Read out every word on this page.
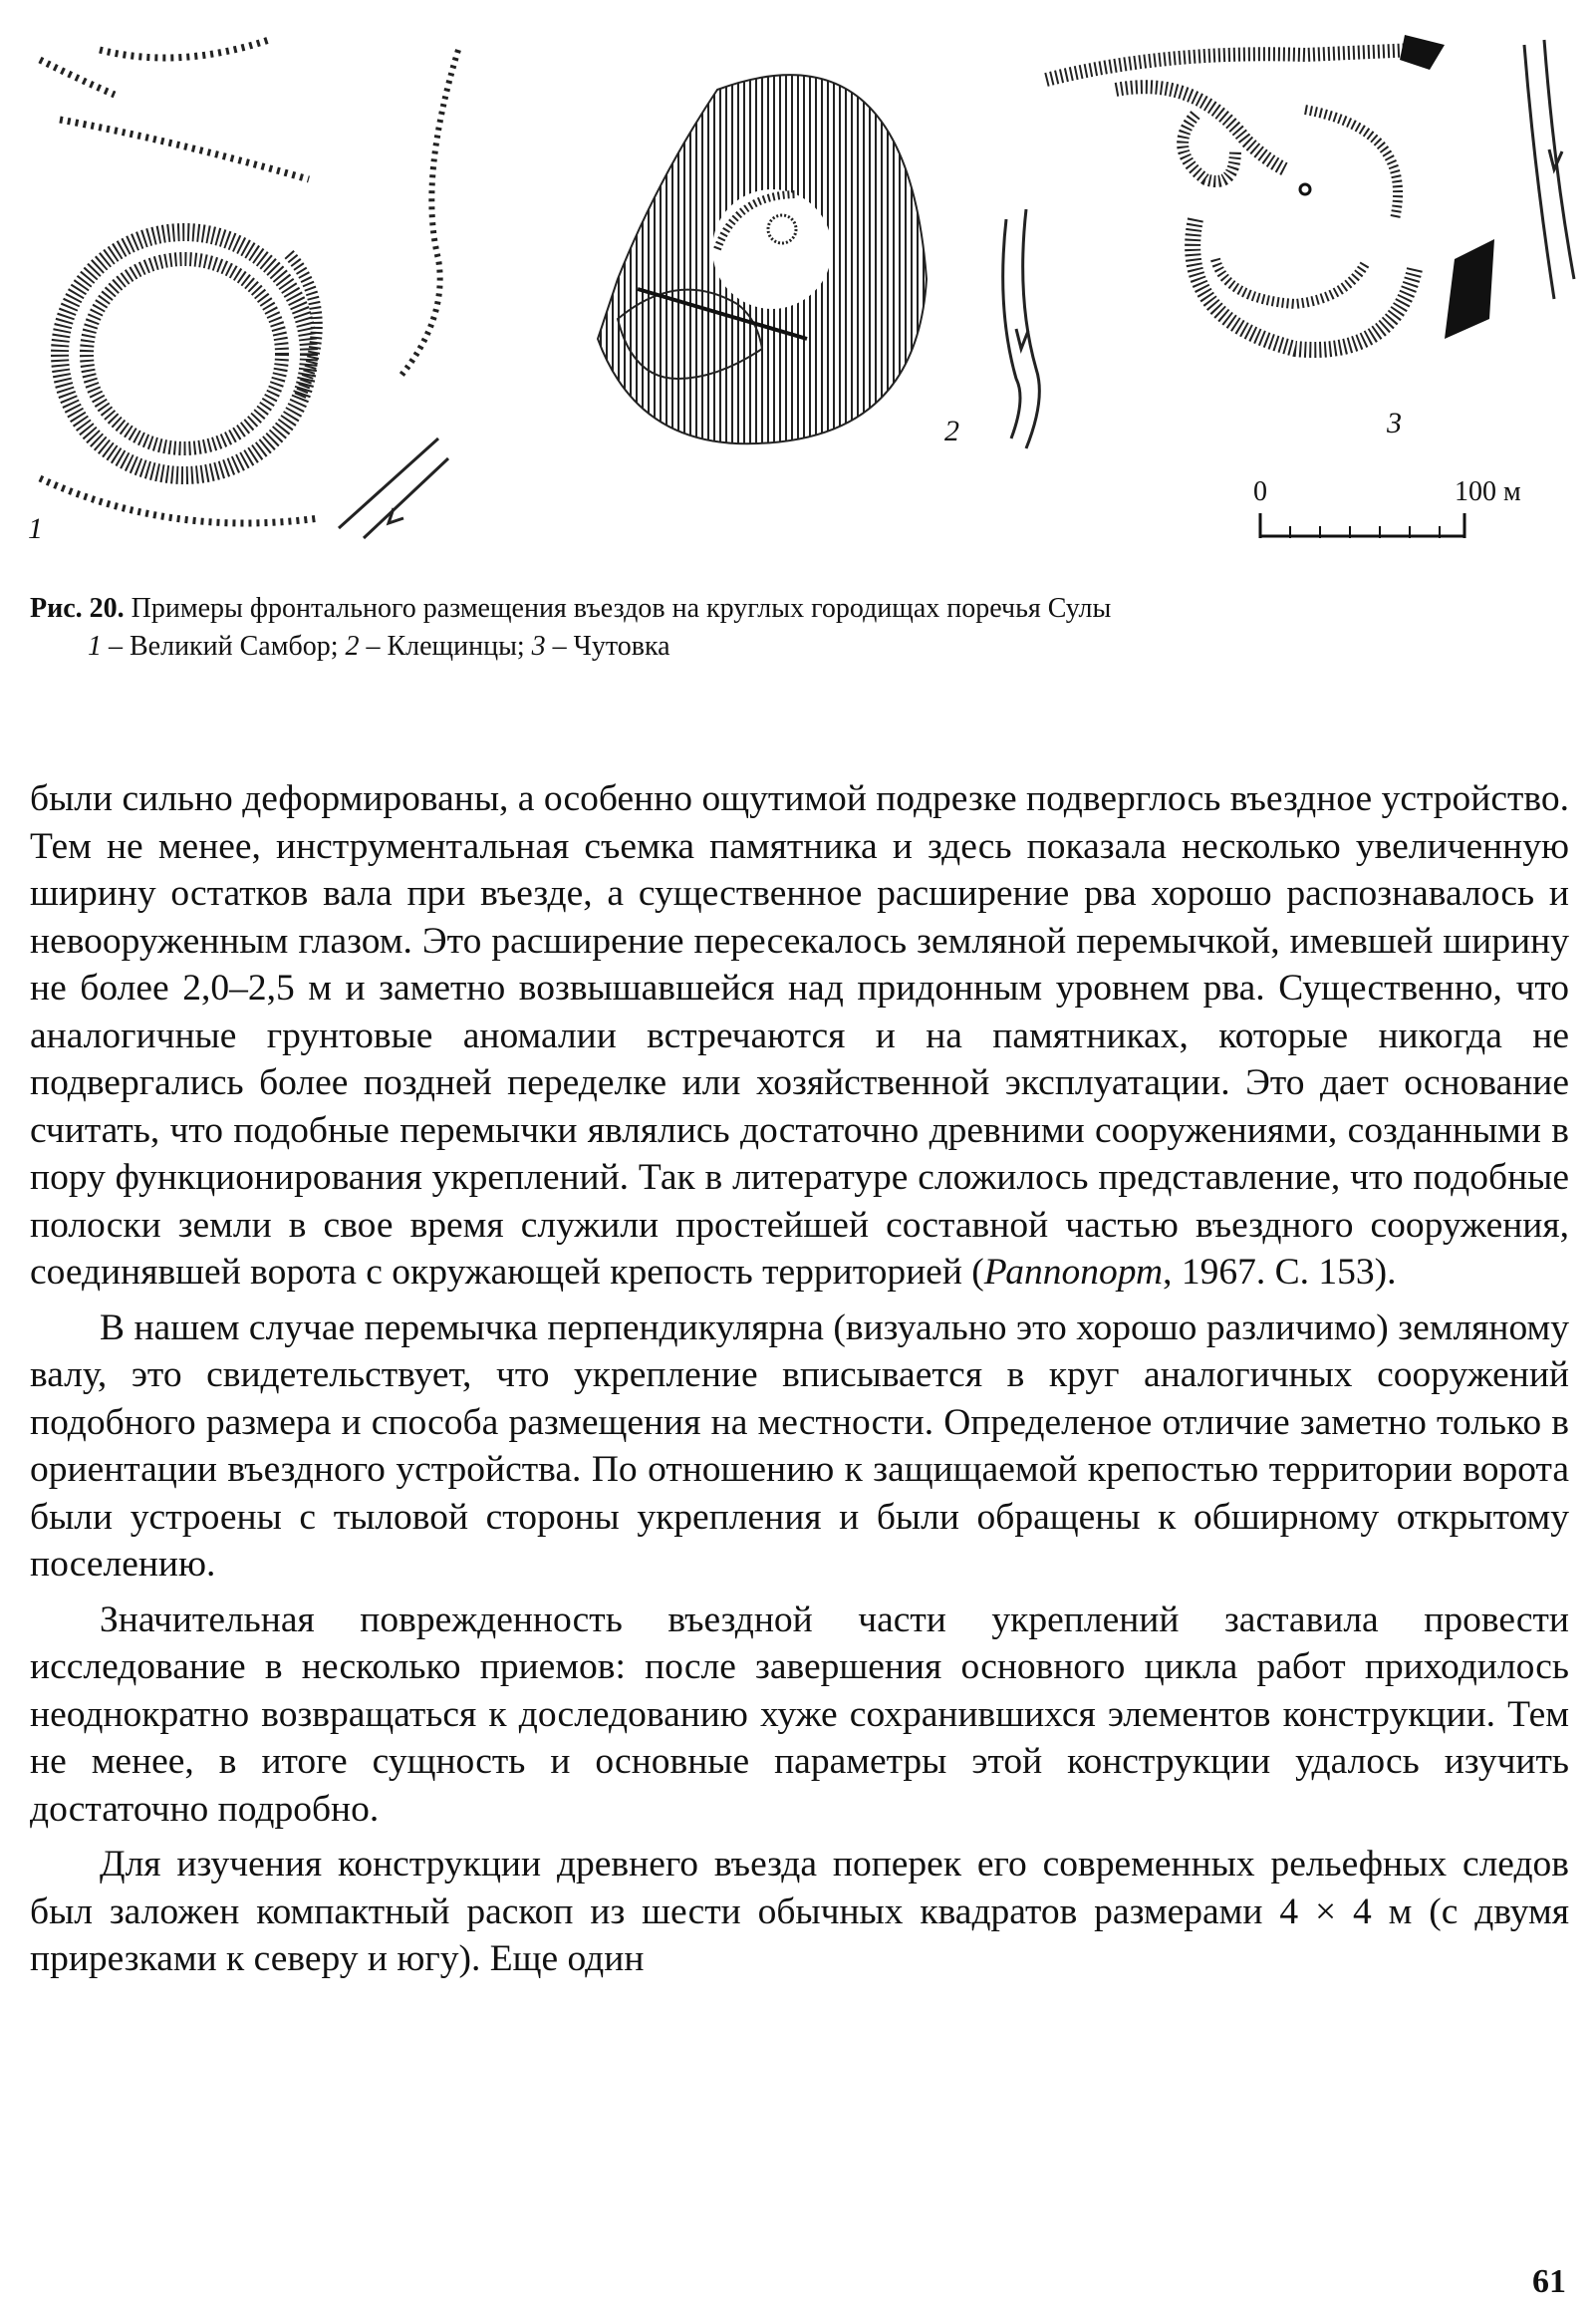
1
2	3
0	100 м
Рис. 20. Примеры фронтального размещения въездов на круглых городищах поречья Сулы
1 – Великий Самбор; 2 – Клещинцы; 3 – Чутовка

были сильно деформированы, а особенно ощутимой подрезке подверглось въездное устройство. Тем не менее, инструментальная съемка памятника и здесь показала несколько увеличенную ширину остатков вала при въезде, а существенное расширение рва хорошо распознавалось и невооруженным глазом. Это расширение пересекалось земляной перемычкой, имевшей ширину не более 2,0–2,5 м и заметно возвышавшейся над придонным уровнем рва. Существенно, что аналогичные грунтовые аномалии встречаются и на памятниках, которые никогда не подвергались более поздней переделке или хозяйственной эксплуатации. Это дает основание считать, что подобные перемычки являлись достаточно древними сооружениями, созданными в пору функционирования укреплений. Так в литературе сложилось представление, что подобные полоски земли в свое время служили простейшей составной частью въездного сооружения, соединявшей ворота с окружающей крепость территорией (Раппопорт, 1967. С. 153).

В нашем случае перемычка перпендикулярна (визуально это хорошо различимо) земляному валу, это свидетельствует, что укрепление вписывается в круг аналогичных сооружений подобного размера и способа размещения на местности. Определеное отличие заметно только в ориентации въездного устройства. По отношению к защищаемой крепостью территории ворота были устроены с тыловой стороны укрепления и были обращены к обширному открытому поселению.

Значительная поврежденность въездной части укреплений заставила провести исследование в несколько приемов: после завершения основного цикла работ приходилось неоднократно возвращаться к доследованию хуже сохранившихся элементов конструкции. Тем не менее, в итоге сущность и основные параметры этой конструкции удалось изучить достаточно подробно.

Для изучения конструкции древнего въезда поперек его современных рельефных следов был заложен компактный раскоп из шести обычных квадратов размерами 4 × 4 м (с двумя прирезками к северу и югу). Еще один

61
